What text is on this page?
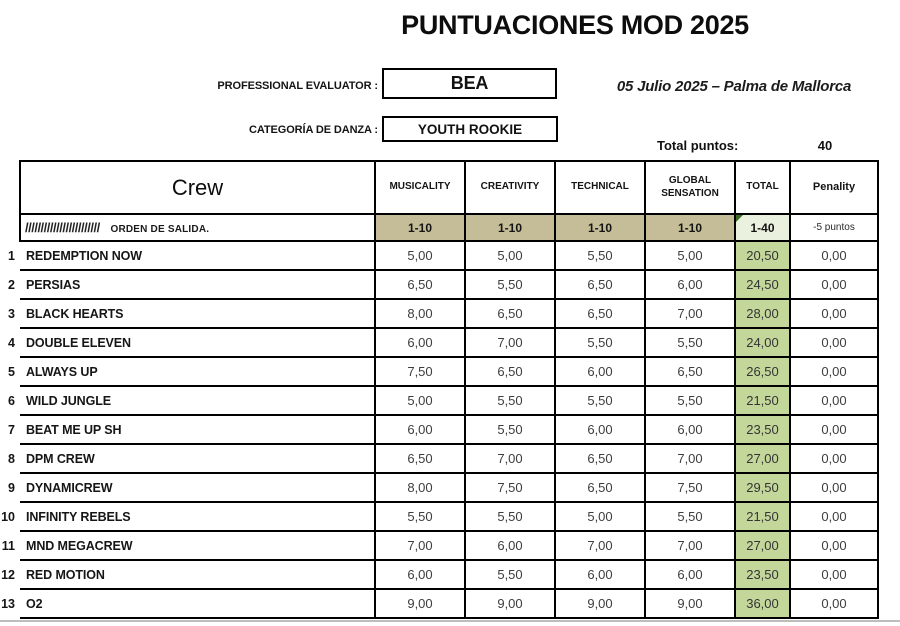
PUNTUACIONES MOD 2025
PROFESSIONAL EVALUATOR :	BEA	05 Julio 2025 – Palma de Mallorca
CATEGORÍA DE DANZA :	YOUTH ROOKIE
Total puntos:	40
	Crew	MUSICALITY	CREATIVITY	TECHNICAL	GLOBAL SENSATION	TOTAL	Penality
	//////////////////////// ORDEN DE SALIDA.	1-10	1-10	1-10	1-10	1-40	-5 puntos
1	REDEMPTION NOW	5,00	5,00	5,50	5,00	20,50	0,00
2	PERSIAS	6,50	5,50	6,50	6,00	24,50	0,00
3	BLACK HEARTS	8,00	6,50	6,50	7,00	28,00	0,00
4	DOUBLE ELEVEN	6,00	7,00	5,50	5,50	24,00	0,00
5	ALWAYS UP	7,50	6,50	6,00	6,50	26,50	0,00
6	WILD JUNGLE	5,00	5,50	5,50	5,50	21,50	0,00
7	BEAT ME UP SH	6,00	5,50	6,00	6,00	23,50	0,00
8	DPM CREW	6,50	7,00	6,50	7,00	27,00	0,00
9	DYNAMICREW	8,00	7,50	6,50	7,50	29,50	0,00
10	INFINITY REBELS	5,50	5,50	5,00	5,50	21,50	0,00
11	MND MEGACREW	7,00	6,00	7,00	7,00	27,00	0,00
12	RED MOTION	6,00	5,50	6,00	6,00	23,50	0,00
13	O2	9,00	9,00	9,00	9,00	36,00	0,00
